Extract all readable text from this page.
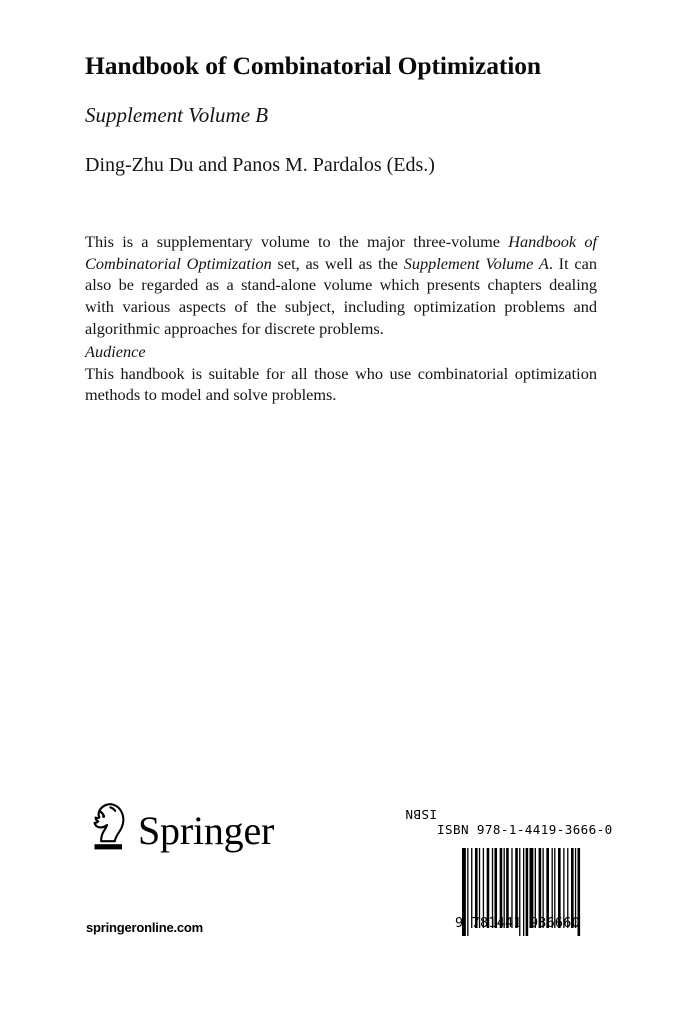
Handbook of Combinatorial Optimization
Supplement Volume B
Ding-Zhu Du and Panos M. Pardalos (Eds.)

This is a supplementary volume to the major three-volume Handbook of Combinatorial Optimization set, as well as the Supplement Volume A. It can also be regarded as a stand-alone volume which presents chapters dealing with various aspects of the subject, including optimization problems and algorithmic approaches for discrete problems.

Audience
This handbook is suitable for all those who use combinatorial optimization methods to model and solve problems.
Springer
springeronline.com
ISBN 978-1-4419-3666-0
ISBN
9 781441 936660
